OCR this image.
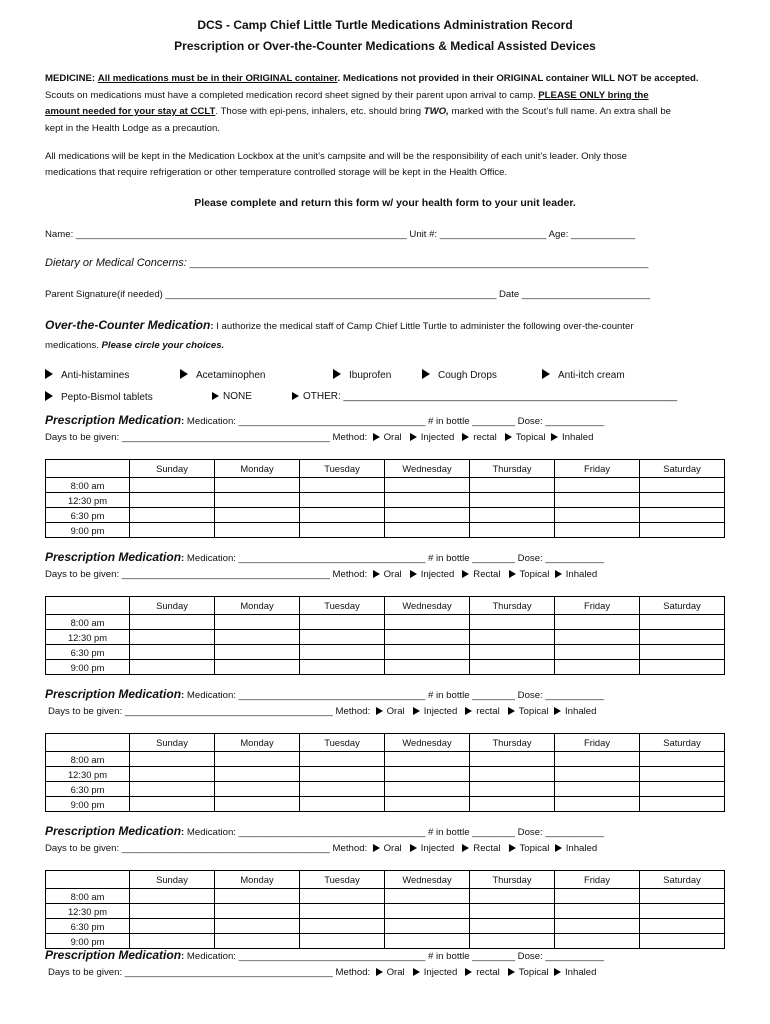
DCS - Camp Chief Little Turtle Medications Administration Record
Prescription or Over-the-Counter Medications & Medical Assisted Devices
MEDICINE: All medications must be in their ORIGINAL container. Medications not provided in their ORIGINAL container WILL NOT be accepted.
Scouts on medications must have a completed medication record sheet signed by their parent upon arrival to camp. PLEASE ONLY bring the
amount needed for your stay at CCLT. Those with epi-pens, inhalers, etc. should bring TWO, marked with the Scout’s full name. An extra shall be
kept in the Health Lodge as a precaution.
All medications will be kept in the Medication Lockbox at the unit’s campsite and will be the responsibility of each unit’s leader. Only those
medications that require refrigeration or other temperature controlled storage will be kept in the Health Office.
Please complete and return this form w/ your health form to your unit leader.
Name: ______________________________________________________________ Unit #: ____________________ Age: ____________
Dietary or Medical Concerns: ______________________________________________________________________________________
Parent Signature(if needed) ______________________________________________________________ Date ________________________
Over-the-Counter Medication: I authorize the medical staff of Camp Chief Little Turtle to administer the following over-the-counter
medications. Please circle your choices.
Anti-histamines	Acetaminophen	Ibuprofen	Cough Drops	Anti-itch cream
Pepto-Bismol tablets	NONE	OTHER: ____________________________________________________________
Prescription Medication: Medication: ___________________________________ # in bottle ________ Dose: ___________
Days to be given: _______________________________________ Method: Oral Injected rectal Topical Inhaled
	Sunday	Monday	Tuesday	Wednesday	Thursday	Friday	Saturday
8:00 am							
12:30 pm							
6:30 pm							
9:00 pm							
Prescription Medication: Medication: ___________________________________ # in bottle ________ Dose: ___________
Days to be given: _______________________________________ Method: Oral Injected Rectal Topical Inhaled
	Sunday	Monday	Tuesday	Wednesday	Thursday	Friday	Saturday
8:00 am							
12:30 pm							
6:30 pm							
9:00 pm							
Prescription Medication: Medication: ___________________________________ # in bottle ________ Dose: ___________
Days to be given: _______________________________________ Method: Oral Injected rectal Topical Inhaled
	Sunday	Monday	Tuesday	Wednesday	Thursday	Friday	Saturday
8:00 am							
12:30 pm							
6:30 pm							
9:00 pm							
Prescription Medication: Medication: ___________________________________ # in bottle ________ Dose: ___________
Days to be given: _______________________________________ Method: Oral Injected Rectal Topical Inhaled
	Sunday	Monday	Tuesday	Wednesday	Thursday	Friday	Saturday
8:00 am							
12:30 pm							
6:30 pm							
9:00 pm							
Prescription Medication: Medication: ___________________________________ # in bottle ________ Dose: ___________
Days to be given: _______________________________________ Method: Oral Injected rectal Topical Inhaled
